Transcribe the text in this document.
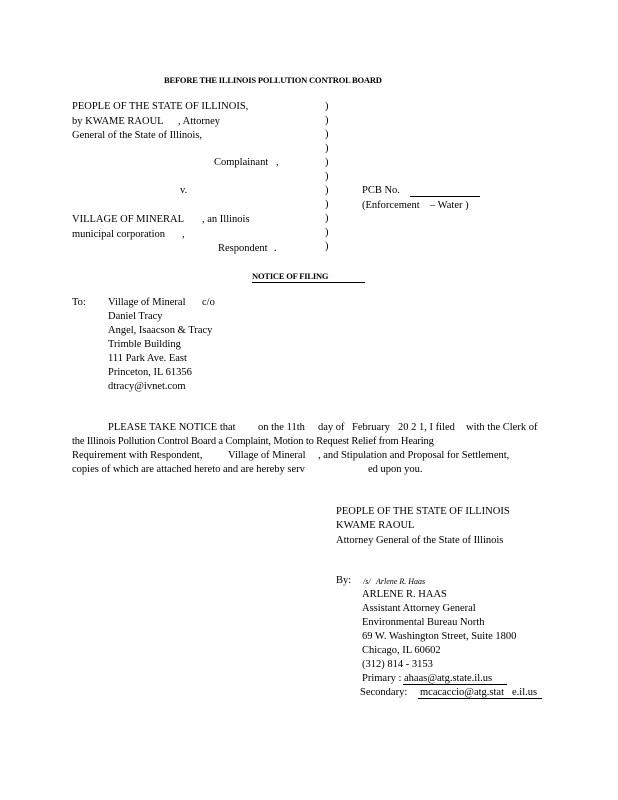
BEFORE THE ILLINOIS POLLUTION CONTROL BOARD
PEOPLE OF THE STATE OF ILLINOIS,
by KWAME RAOUL , Attorney
General of the State of Illinois,
Complainant ,
v.
VILLAGE OF MINERAL , an Illinois
municipal corporation ,
Respondent .
)
)
)
)
)
)
)
)
)
)
)
PCB No.
(Enforcement – Water )
NOTICE OF FILING
To: Village of Mineral c/o
Daniel Tracy
Angel, Isaacson & Tracy
Trimble Building
111 Park Ave. East
Princeton, IL 61356
dtracy@ivnet.com
PLEASE TAKE NOTICE that on the 11th day of February 20 2 1, I filed with the Clerk of
the Illinois Pollution Control Board a Complaint, Motion to Request Relief from Hearing
Requirement with Respondent, Village of Mineral , and Stipulation and Proposal for Settlement,
copies of which are attached hereto and are hereby serv	ed upon you.
PEOPLE OF THE STATE OF ILLINOIS
KWAME RAOUL
Attorney General of the State of Illinois
By: /s/ Arlene R. Haas
ARLENE R. HAAS
Assistant Attorney General
Environmental Bureau North
69 W. Washington Street, Suite 1800
Chicago, IL 60602
(312) 814 - 3153
Primary : ahaas@atg.state.il.us
Secondary: mcacaccio@atg.stat e.il.us
